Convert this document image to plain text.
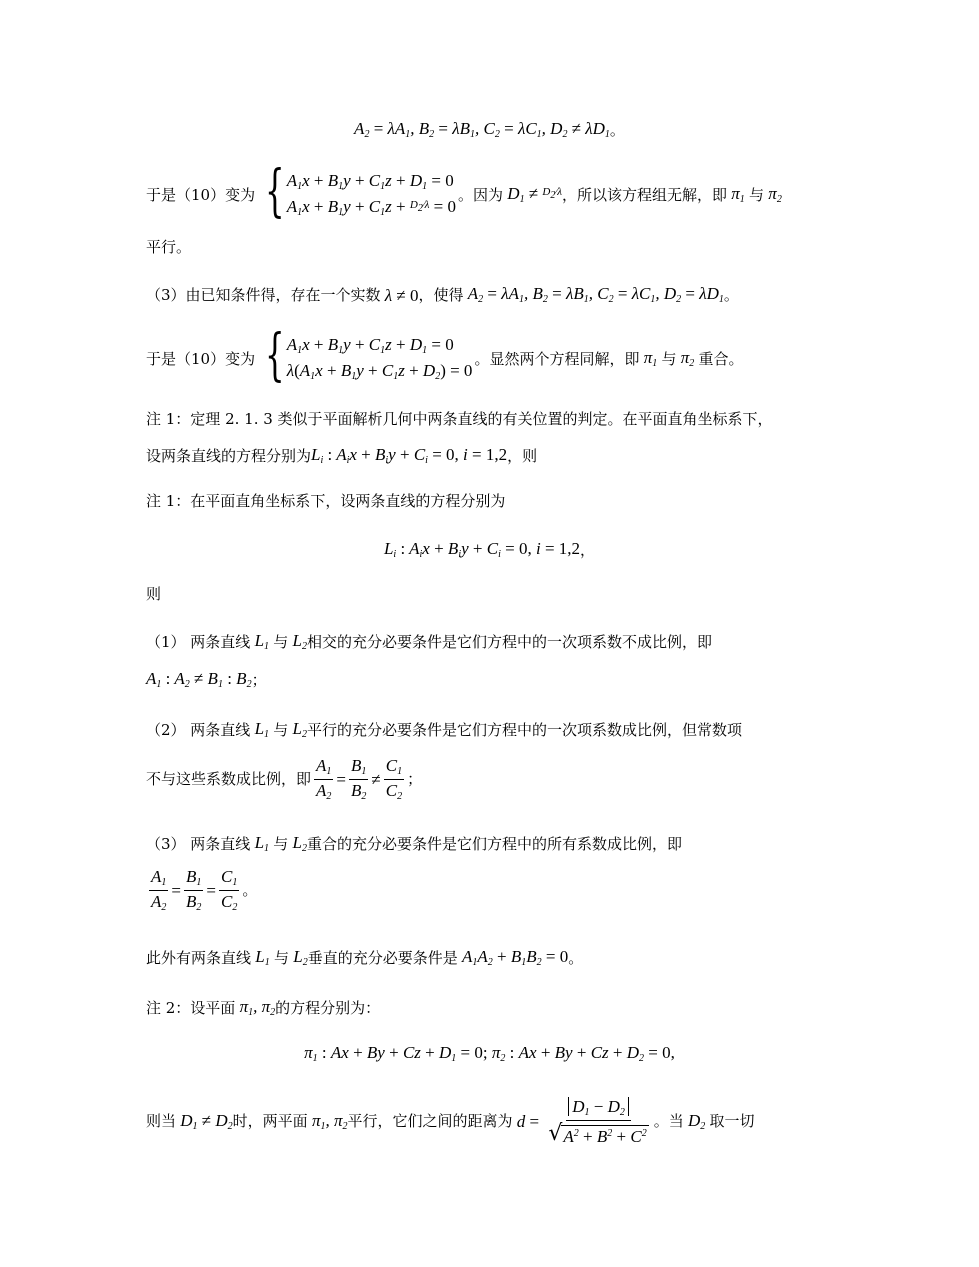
$A_2 = \lambda A_1$, $B_2 = \lambda B_1$, $C_2 = \lambda C_1$, $D_2 \ne \lambda D_1$ 。
于是（10）变为 { $A_1x + B_1y + C_1z + D_1 = 0$
$A_1x + B_1y + C_1z$ + $D_2⁄\lambda = 0$
。因为 $D_1$ ≠ $D_2⁄\lambda$ ，所以该方程组无解，即 $\pi_1$ 与 $\pi_2$
平行。
（3）由已知条件得，存在一个实数 λ ≠ 0 ，使得 $A_2 = \lambda A_1$, $B_2 = \lambda B_1$, $C_2 = \lambda C_1$, $D_2 = \lambda D_1$ 。
于是（10）变为 { $A_1x + B_1y + C_1z + D_1 = 0$
$\lambda(A_1x + B_1y + C_1z + D_2) = 0$
。显然两个方程同解，即 $\pi_1$ 与 $\pi_2$ 重合。
注 1：定理 2. 1. 3 类似于平面解析几何中两条直线的有关位置的判定。在平面直角坐标系下，
设两条直线的方程分别为 $L_i$ : $A_ix + B_iy + C_i = 0$, i = 1,2 ，则
注 1：在平面直角坐标系下，设两条直线的方程分别为
$L_i$ : $A_ix + B_iy + C_i = 0$, i = 1,2 ，
则
（1） 两条直线 $L_1$ 与 $L_2$ 相交的充分必要条件是它们方程中的一次项系数不成比例，即
$A_1$ : $A_2 \ne B_1$ : $B_2$ ；
（2） 两条直线 $L_1$ 与 $L_2$ 平行的充分必要条件是它们方程中的一次项系数成比例，但常数项
不与这些系数成比例，即 $\frac{A_1}{A_2} = \frac{B_1}{B_2} \ne \frac{C_1}{C_2}$ ；
（3） 两条直线 $L_1$ 与 $L_2$ 重合的充分必要条件是它们方程中的所有系数成比例，即
$\frac{A_1}{A_2} = \frac{B_1}{B_2} = \frac{C_1}{C_2}$ 。
此外有两条直线 $L_1$ 与 $L_2$ 垂直的充分必要条件是 $A_1A_2 + B_1B_2 = 0$ 。
注 2：设平面 $\pi_1$, $\pi_2$ 的方程分别为：
$\pi_1$ : $Ax + By + Cz + D_1 = 0$; $\pi_2$ : $Ax + By + Cz + D_2 = 0$,
则当 $D_1 \ne D_2$ 时，两平面 $\pi_1$, $\pi_2$ 平行，它们之间的距离为 $d = \frac{D_1 - D_2}{√ A^2 + B^2 + C^2}$ 。当 $D_2$ 取一切
